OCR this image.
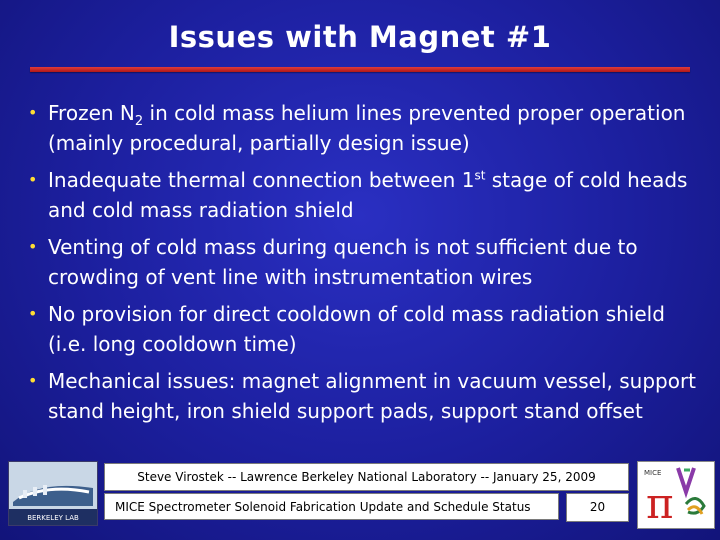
Issues with Magnet #1
• Frozen $N_2$ in cold mass helium lines prevented proper operation (mainly procedural, partially design issue)
• Inadequate thermal connection between 1st stage of cold heads and cold mass radiation shield
• Venting of cold mass during quench is not sufficient due to crowding of vent line with instrumentation wires
• No provision for direct cooldown of cold mass radiation shield (i.e. long cooldown time)
• Mechanical issues: magnet alignment in vacuum vessel, support stand height, iron shield support pads, support stand offset
BERKELEY LAB
Steve Virostek -- Lawrence Berkeley National Laboratory -- January 25, 2009
MICE Spectrometer Solenoid Fabrication Update and Schedule Status	20
MICE
π
